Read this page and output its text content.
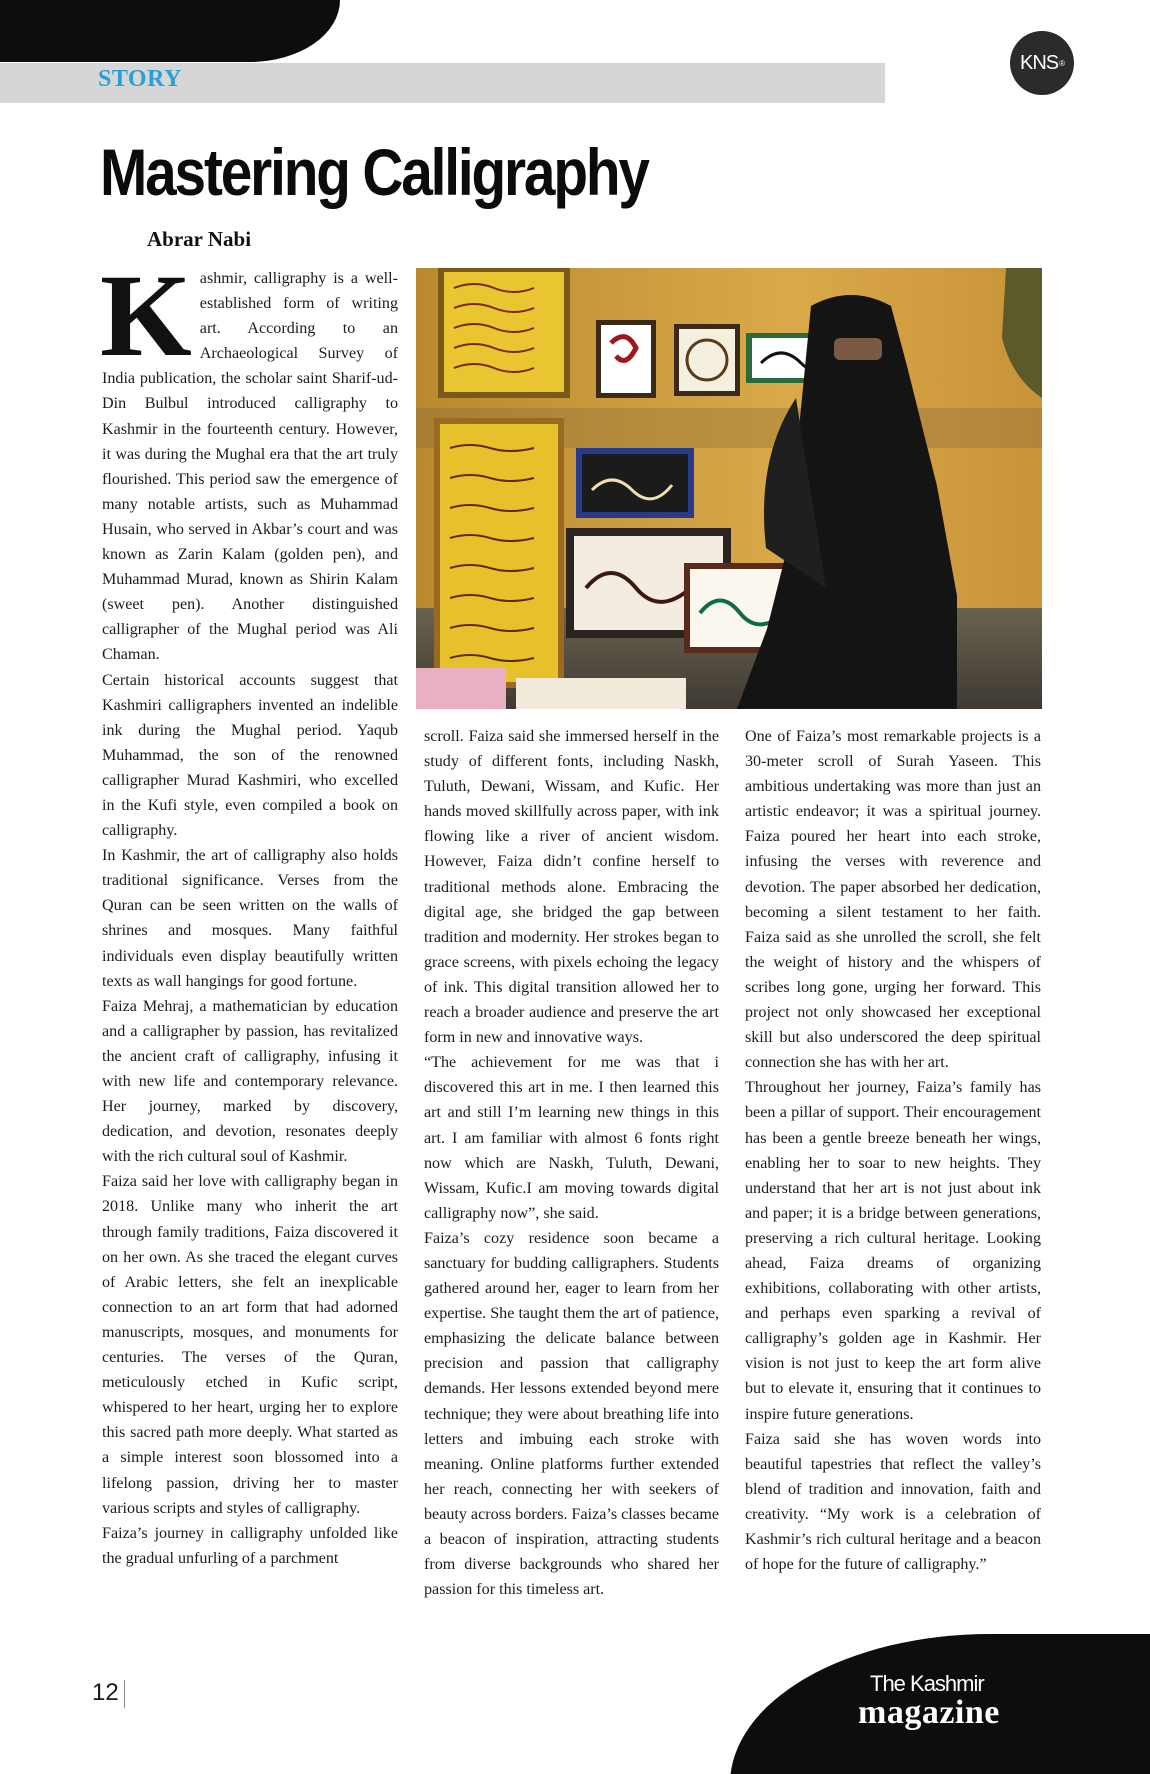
STORY
KNS ®
Mastering Calligraphy
Abrar Nabi

Kashmir, calligraphy is a well-established form of writing art. According to an Archaeological Survey of India publication, the scholar saint Sharif-ud-Din Bulbul introduced calligraphy to Kashmir in the fourteenth century. However, it was during the Mughal era that the art truly flourished. This period saw the emergence of many notable artists, such as Muhammad Husain, who served in Akbar’s court and was known as Zarin Kalam (golden pen), and Muhammad Murad, known as Shirin Kalam (sweet pen). Another distinguished calligrapher of the Mughal period was Ali Chaman.

Certain historical accounts suggest that Kashmiri calligraphers invented an indelible ink during the Mughal period. Yaqub Muhammad, the son of the renowned calligrapher Murad Kashmiri, who excelled in the Kufi style, even compiled a book on calligraphy.

In Kashmir, the art of calligraphy also holds traditional significance. Verses from the Quran can be seen written on the walls of shrines and mosques. Many faithful individuals even display beautifully written texts as wall hangings for good fortune.

Faiza Mehraj, a mathematician by education and a calligrapher by passion, has revitalized the ancient craft of calligraphy, infusing it with new life and contemporary relevance. Her journey, marked by discovery, dedication, and devotion, resonates deeply with the rich cultural soul of Kashmir.

Faiza said her love with calligraphy began in 2018. Unlike many who inherit the art through family traditions, Faiza discovered it on her own. As she traced the elegant curves of Arabic letters, she felt an inexplicable connection to an art form that had adorned manuscripts, mosques, and monuments for centuries. The verses of the Quran, meticulously etched in Kufic script, whispered to her heart, urging her to explore this sacred path more deeply. What started as a simple interest soon blossomed into a lifelong passion, driving her to master various scripts and styles of calligraphy.

Faiza’s journey in calligraphy unfolded like the gradual unfurling of a parchment

scroll. Faiza said she immersed herself in the study of different fonts, including Naskh, Tuluth, Dewani, Wissam, and Kufic. Her hands moved skillfully across paper, with ink flowing like a river of ancient wisdom. However, Faiza didn’t confine herself to traditional methods alone. Embracing the digital age, she bridged the gap between tradition and modernity. Her strokes began to grace screens, with pixels echoing the legacy of ink. This digital transition allowed her to reach a broader audience and preserve the art form in new and innovative ways.

“The achievement for me was that i discovered this art in me. I then learned this art and still I’m learning new things in this art. I am familiar with almost 6 fonts right now which are Naskh, Tuluth, Dewani, Wissam, Kufic.I am moving towards digital calligraphy now”, she said.

Faiza’s cozy residence soon became a sanctuary for budding calligraphers. Students gathered around her, eager to learn from her expertise. She taught them the art of patience, emphasizing the delicate balance between precision and passion that calligraphy demands. Her lessons extended beyond mere technique; they were about breathing life into letters and imbuing each stroke with meaning. Online platforms further extended her reach, connecting her with seekers of beauty across borders. Faiza’s classes became a beacon of inspiration, attracting students from diverse backgrounds who shared her passion for this timeless art.

One of Faiza’s most remarkable projects is a 30-meter scroll of Surah Yaseen. This ambitious undertaking was more than just an artistic endeavor; it was a spiritual journey. Faiza poured her heart into each stroke, infusing the verses with reverence and devotion. The paper absorbed her dedication, becoming a silent testament to her faith. Faiza said as she unrolled the scroll, she felt the weight of history and the whispers of scribes long gone, urging her forward. This project not only showcased her exceptional skill but also underscored the deep spiritual connection she has with her art.

Throughout her journey, Faiza’s family has been a pillar of support. Their encouragement has been a gentle breeze beneath her wings, enabling her to soar to new heights. They understand that her art is not just about ink and paper; it is a bridge between generations, preserving a rich cultural heritage. Looking ahead, Faiza dreams of organizing exhibitions, collaborating with other artists, and perhaps even sparking a revival of calligraphy’s golden age in Kashmir. Her vision is not just to keep the art form alive but to elevate it, ensuring that it continues to inspire future generations.

Faiza said she has woven words into beautiful tapestries that reflect the valley’s blend of tradition and innovation, faith and creativity. “My work is a celebration of Kashmir’s rich cultural heritage and a beacon of hope for the future of calligraphy.”

12	The Kashmir
magazine
